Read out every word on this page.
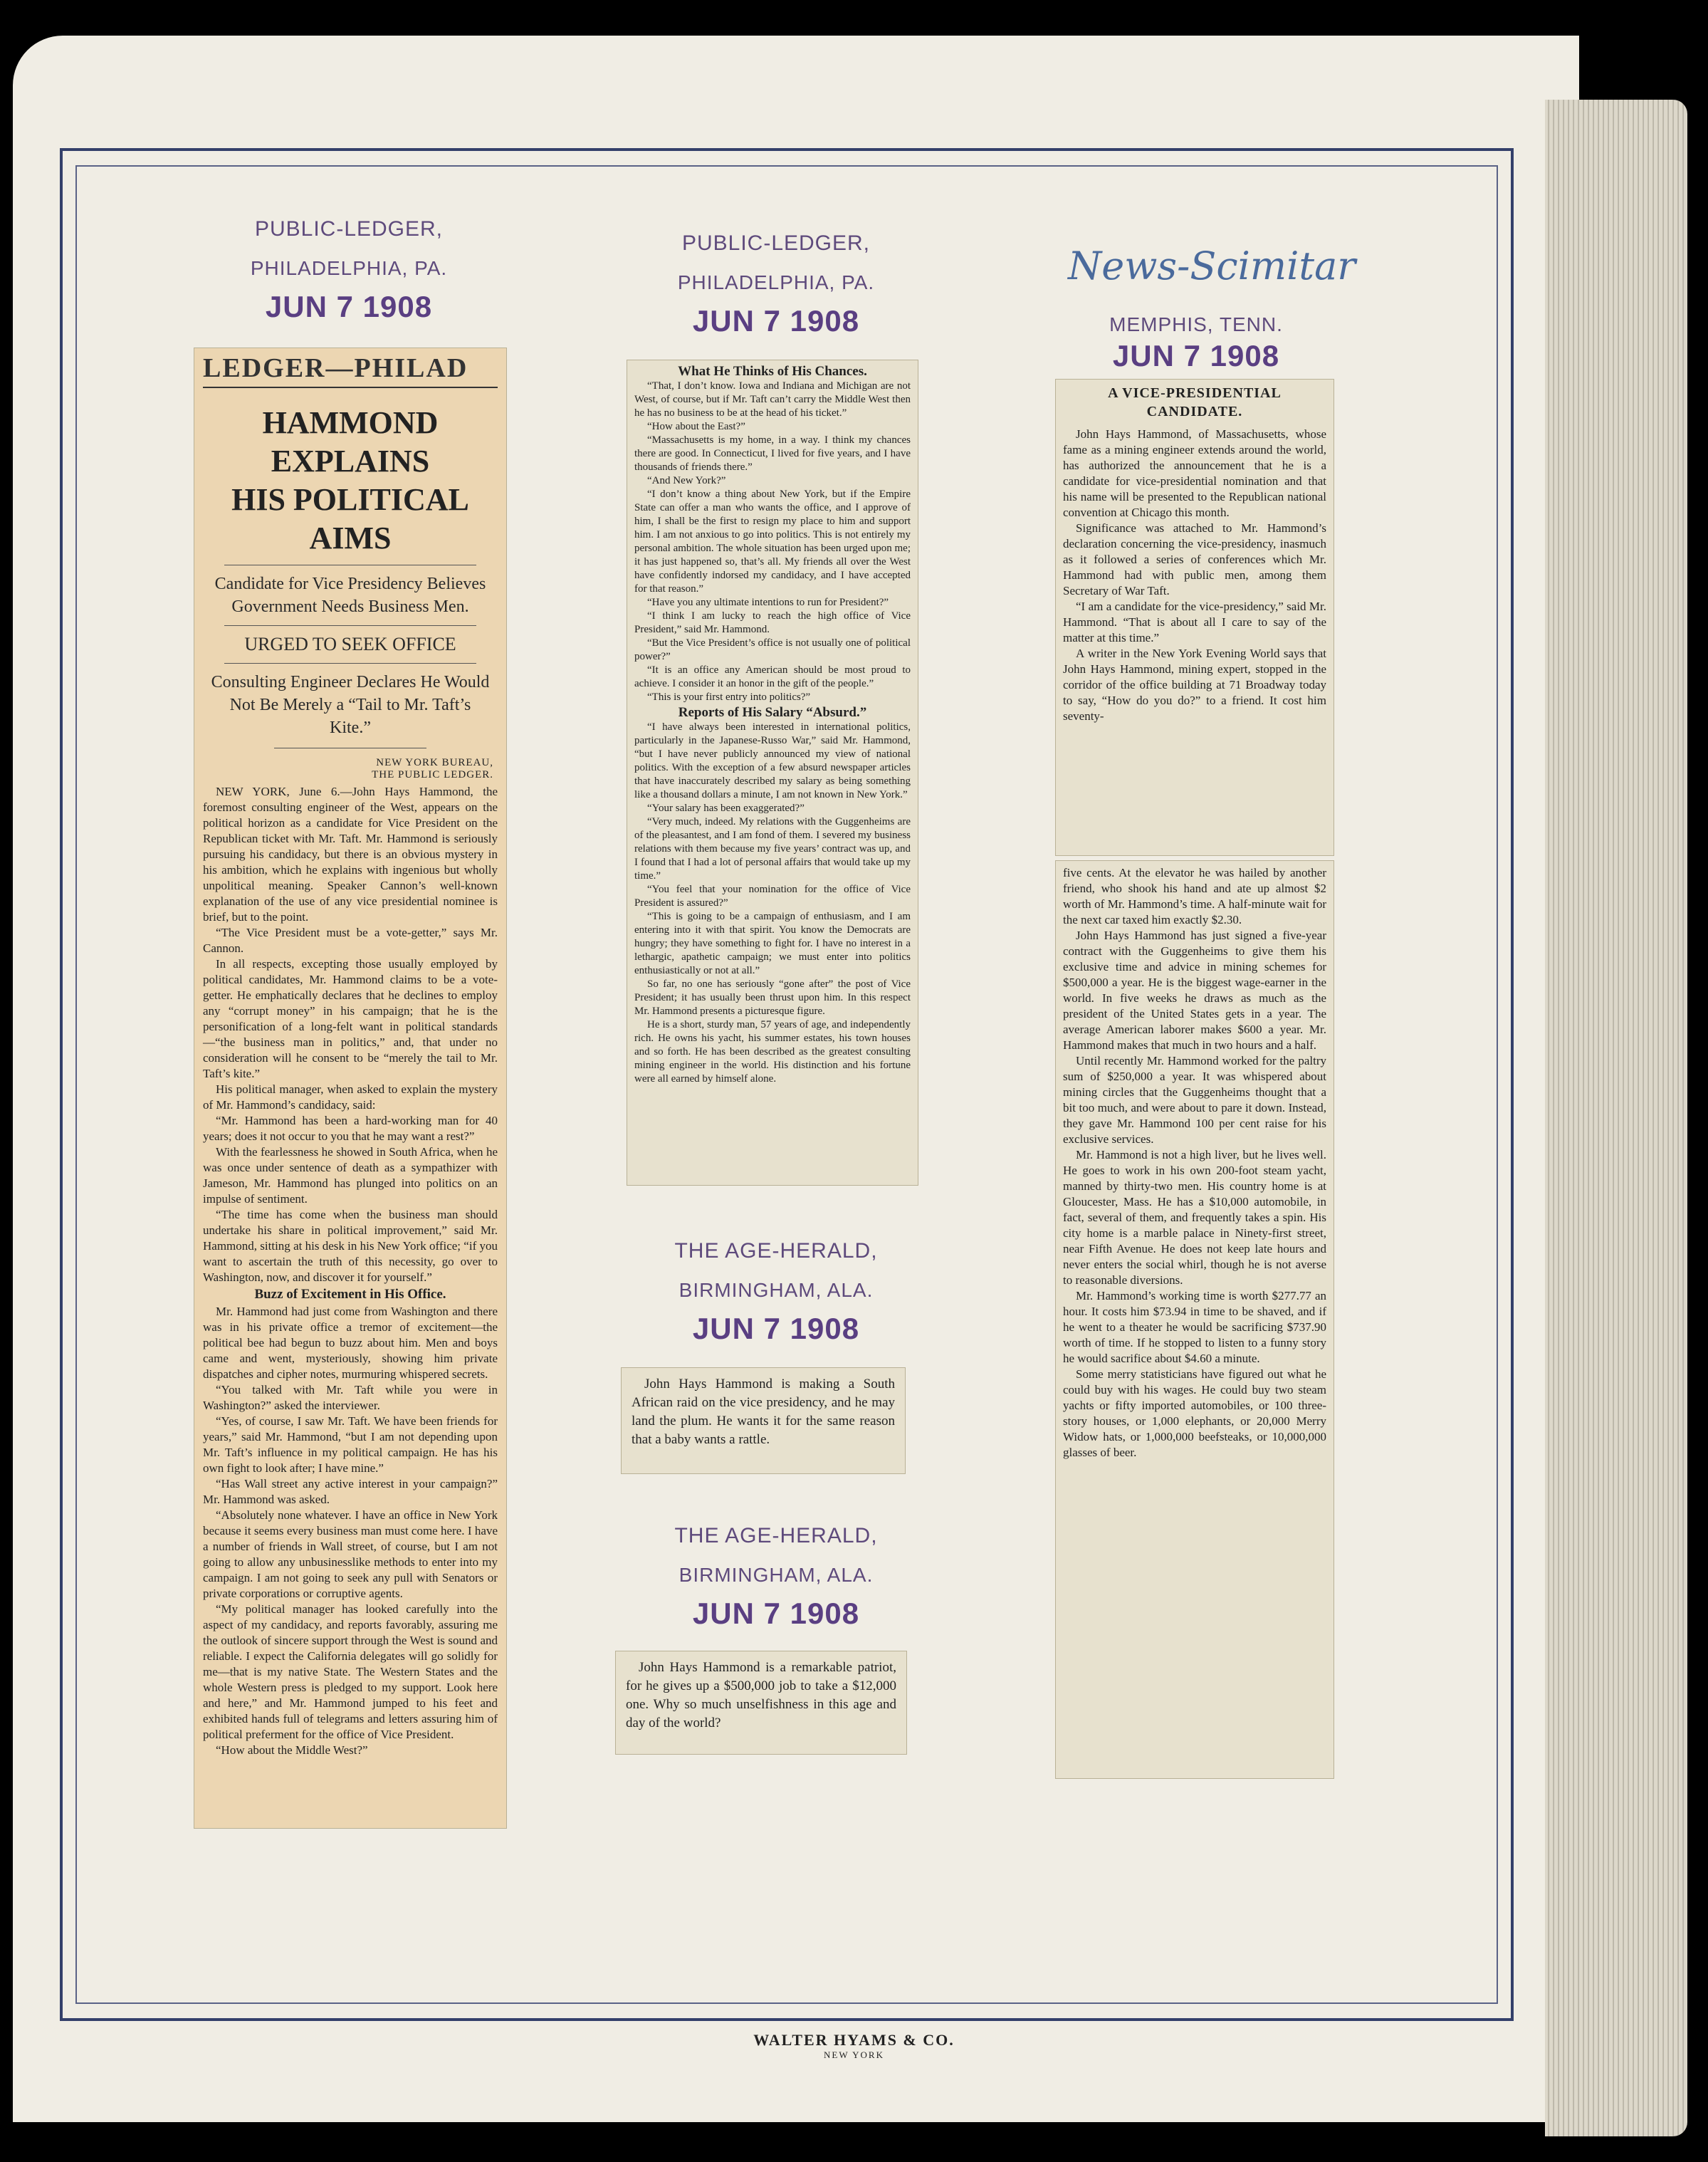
PUBLIC-LEDGER,
PHILADELPHIA, PA.
JUN 7 1908
LEDGER—PHILAD
HAMMOND EXPLAINS
HIS POLITICAL AIMS
Candidate for Vice Presidency Believes Government Needs Business Men.
URGED TO SEEK OFFICE
Consulting Engineer Declares He Would Not Be Merely a “Tail to Mr. Taft’s Kite.”
NEW YORK BUREAU,
THE PUBLIC LEDGER.

NEW YORK, June 6.—John Hays Hammond, the foremost consulting engineer of the West, appears on the political horizon as a candidate for Vice President on the Republican ticket with Mr. Taft. Mr. Hammond is seriously pursuing his candidacy, but there is an obvious mystery in his ambition, which he explains with ingenious but wholly unpolitical meaning. Speaker Cannon’s well-known explanation of the use of any vice presidential nominee is brief, but to the point.

“The Vice President must be a vote-getter,” says Mr. Cannon.

In all respects, excepting those usually employed by political candidates, Mr. Hammond claims to be a vote-getter. He emphatically declares that he declines to employ any “corrupt money” in his campaign; that he is the personification of a long-felt want in political standards—“the business man in politics,” and, that under no consideration will he consent to be “merely the tail to Mr. Taft’s kite.”

His political manager, when asked to explain the mystery of Mr. Hammond’s candidacy, said:

“Mr. Hammond has been a hard-working man for 40 years; does it not occur to you that he may want a rest?”

With the fearlessness he showed in South Africa, when he was once under sentence of death as a sympathizer with Jameson, Mr. Hammond has plunged into politics on an impulse of sentiment.

“The time has come when the business man should undertake his share in political improvement,” said Mr. Hammond, sitting at his desk in his New York office; “if you want to ascertain the truth of this necessity, go over to Washington, now, and discover it for yourself.”

Buzz of Excitement in His Office.

Mr. Hammond had just come from Washington and there was in his private office a tremor of excitement—the political bee had begun to buzz about him. Men and boys came and went, mysteriously, showing him private dispatches and cipher notes, murmuring whispered secrets.

“You talked with Mr. Taft while you were in Washington?” asked the interviewer.

“Yes, of course, I saw Mr. Taft. We have been friends for years,” said Mr. Hammond, “but I am not depending upon Mr. Taft’s influence in my political campaign. He has his own fight to look after; I have mine.”

“Has Wall street any active interest in your campaign?” Mr. Hammond was asked.

“Absolutely none whatever. I have an office in New York because it seems every business man must come here. I have a number of friends in Wall street, of course, but I am not going to allow any unbusinesslike methods to enter into my campaign. I am not going to seek any pull with Senators or private corporations or corruptive agents.

“My political manager has looked carefully into the aspect of my candidacy, and reports favorably, assuring me the outlook of sincere support through the West is sound and reliable. I expect the California delegates will go solidly for me—that is my native State. The Western States and the whole Western press is pledged to my support. Look here and here,” and Mr. Hammond jumped to his feet and exhibited hands full of telegrams and letters assuring him of political preferment for the office of Vice President.

“How about the Middle West?”

PUBLIC-LEDGER,
PHILADELPHIA, PA.
JUN 7 1908
What He Thinks of His Chances.

“That, I don’t know. Iowa and Indiana and Michigan are not West, of course, but if Mr. Taft can’t carry the Middle West then he has no business to be at the head of his ticket.”

“How about the East?”

“Massachusetts is my home, in a way. I think my chances there are good. In Connecticut, I lived for five years, and I have thousands of friends there.”

“And New York?”

“I don’t know a thing about New York, but if the Empire State can offer a man who wants the office, and I approve of him, I shall be the first to resign my place to him and support him. I am not anxious to go into politics. This is not entirely my personal ambition. The whole situation has been urged upon me; it has just happened so, that’s all. My friends all over the West have confidently indorsed my candidacy, and I have accepted for that reason.”

“Have you any ultimate intentions to run for President?”

“I think I am lucky to reach the high office of Vice President,” said Mr. Hammond.

“But the Vice President’s office is not usually one of political power?”

“It is an office any American should be most proud to achieve. I consider it an honor in the gift of the people.”

“This is your first entry into politics?”

Reports of His Salary “Absurd.”

“I have always been interested in international politics, particularly in the Japanese-Russo War,” said Mr. Hammond, “but I have never publicly announced my view of national politics. With the exception of a few absurd newspaper articles that have inaccurately described my salary as being something like a thousand dollars a minute, I am not known in New York.”

“Your salary has been exaggerated?”

“Very much, indeed. My relations with the Guggenheims are of the pleasantest, and I am fond of them. I severed my business relations with them because my five years’ contract was up, and I found that I had a lot of personal affairs that would take up my time.”

“You feel that your nomination for the office of Vice President is assured?”

“This is going to be a campaign of enthusiasm, and I am entering into it with that spirit. You know the Democrats are hungry; they have something to fight for. I have no interest in a lethargic, apathetic campaign; we must enter into politics enthusiastically or not at all.”

So far, no one has seriously “gone after” the post of Vice President; it has usually been thrust upon him. In this respect Mr. Hammond presents a picturesque figure.

He is a short, sturdy man, 57 years of age, and independently rich. He owns his yacht, his summer estates, his town houses and so forth. He has been described as the greatest consulting mining engineer in the world. His distinction and his fortune were all earned by himself alone.

THE AGE-HERALD,
BIRMINGHAM, ALA.
JUN 7 1908

John Hays Hammond is making a South African raid on the vice presidency, and he may land the plum. He wants it for the same reason that a baby wants a rattle.

THE AGE-HERALD,
BIRMINGHAM, ALA.
JUN 7 1908

John Hays Hammond is a remarkable patriot, for he gives up a $500,000 job to take a $12,000 one. Why so much unselfishness in this age and day of the world?

News-Scimitar
MEMPHIS, TENN.
JUN 7 1908
A VICE-PRESIDENTIAL CANDIDATE.

John Hays Hammond, of Massachusetts, whose fame as a mining engineer extends around the world, has authorized the announcement that he is a candidate for vice-presidential nomination and that his name will be presented to the Republican national convention at Chicago this month.

Significance was attached to Mr. Hammond’s declaration concerning the vice-presidency, inasmuch as it followed a series of conferences which Mr. Hammond had with public men, among them Secretary of War Taft.

“I am a candidate for the vice-presidency,” said Mr. Hammond. “That is about all I care to say of the matter at this time.”

A writer in the New York Evening World says that John Hays Hammond, mining expert, stopped in the corridor of the office building at 71 Broadway today to say, “How do you do?” to a friend. It cost him seventy-

five cents. At the elevator he was hailed by another friend, who shook his hand and ate up almost $2 worth of Mr. Hammond’s time. A half-minute wait for the next car taxed him exactly $2.30.

John Hays Hammond has just signed a five-year contract with the Guggenheims to give them his exclusive time and advice in mining schemes for $500,000 a year. He is the biggest wage-earner in the world. In five weeks he draws as much as the president of the United States gets in a year. The average American laborer makes $600 a year. Mr. Hammond makes that much in two hours and a half.

Until recently Mr. Hammond worked for the paltry sum of $250,000 a year. It was whispered about mining circles that the Guggenheims thought that a bit too much, and were about to pare it down. Instead, they gave Mr. Hammond 100 per cent raise for his exclusive services.

Mr. Hammond is not a high liver, but he lives well. He goes to work in his own 200-foot steam yacht, manned by thirty-two men. His country home is at Gloucester, Mass. He has a $10,000 automobile, in fact, several of them, and frequently takes a spin. His city home is a marble palace in Ninety-first street, near Fifth Avenue. He does not keep late hours and never enters the social whirl, though he is not averse to reasonable diversions.

Mr. Hammond’s working time is worth $277.77 an hour. It costs him $73.94 in time to be shaved, and if he went to a theater he would be sacrificing $737.90 worth of time. If he stopped to listen to a funny story he would sacrifice about $4.60 a minute.

Some merry statisticians have figured out what he could buy with his wages. He could buy two steam yachts or fifty imported automobiles, or 100 three-story houses, or 1,000 elephants, or 20,000 Merry Widow hats, or 1,000,000 beefsteaks, or 10,000,000 glasses of beer.

WALTER HYAMS & CO.
NEW YORK
